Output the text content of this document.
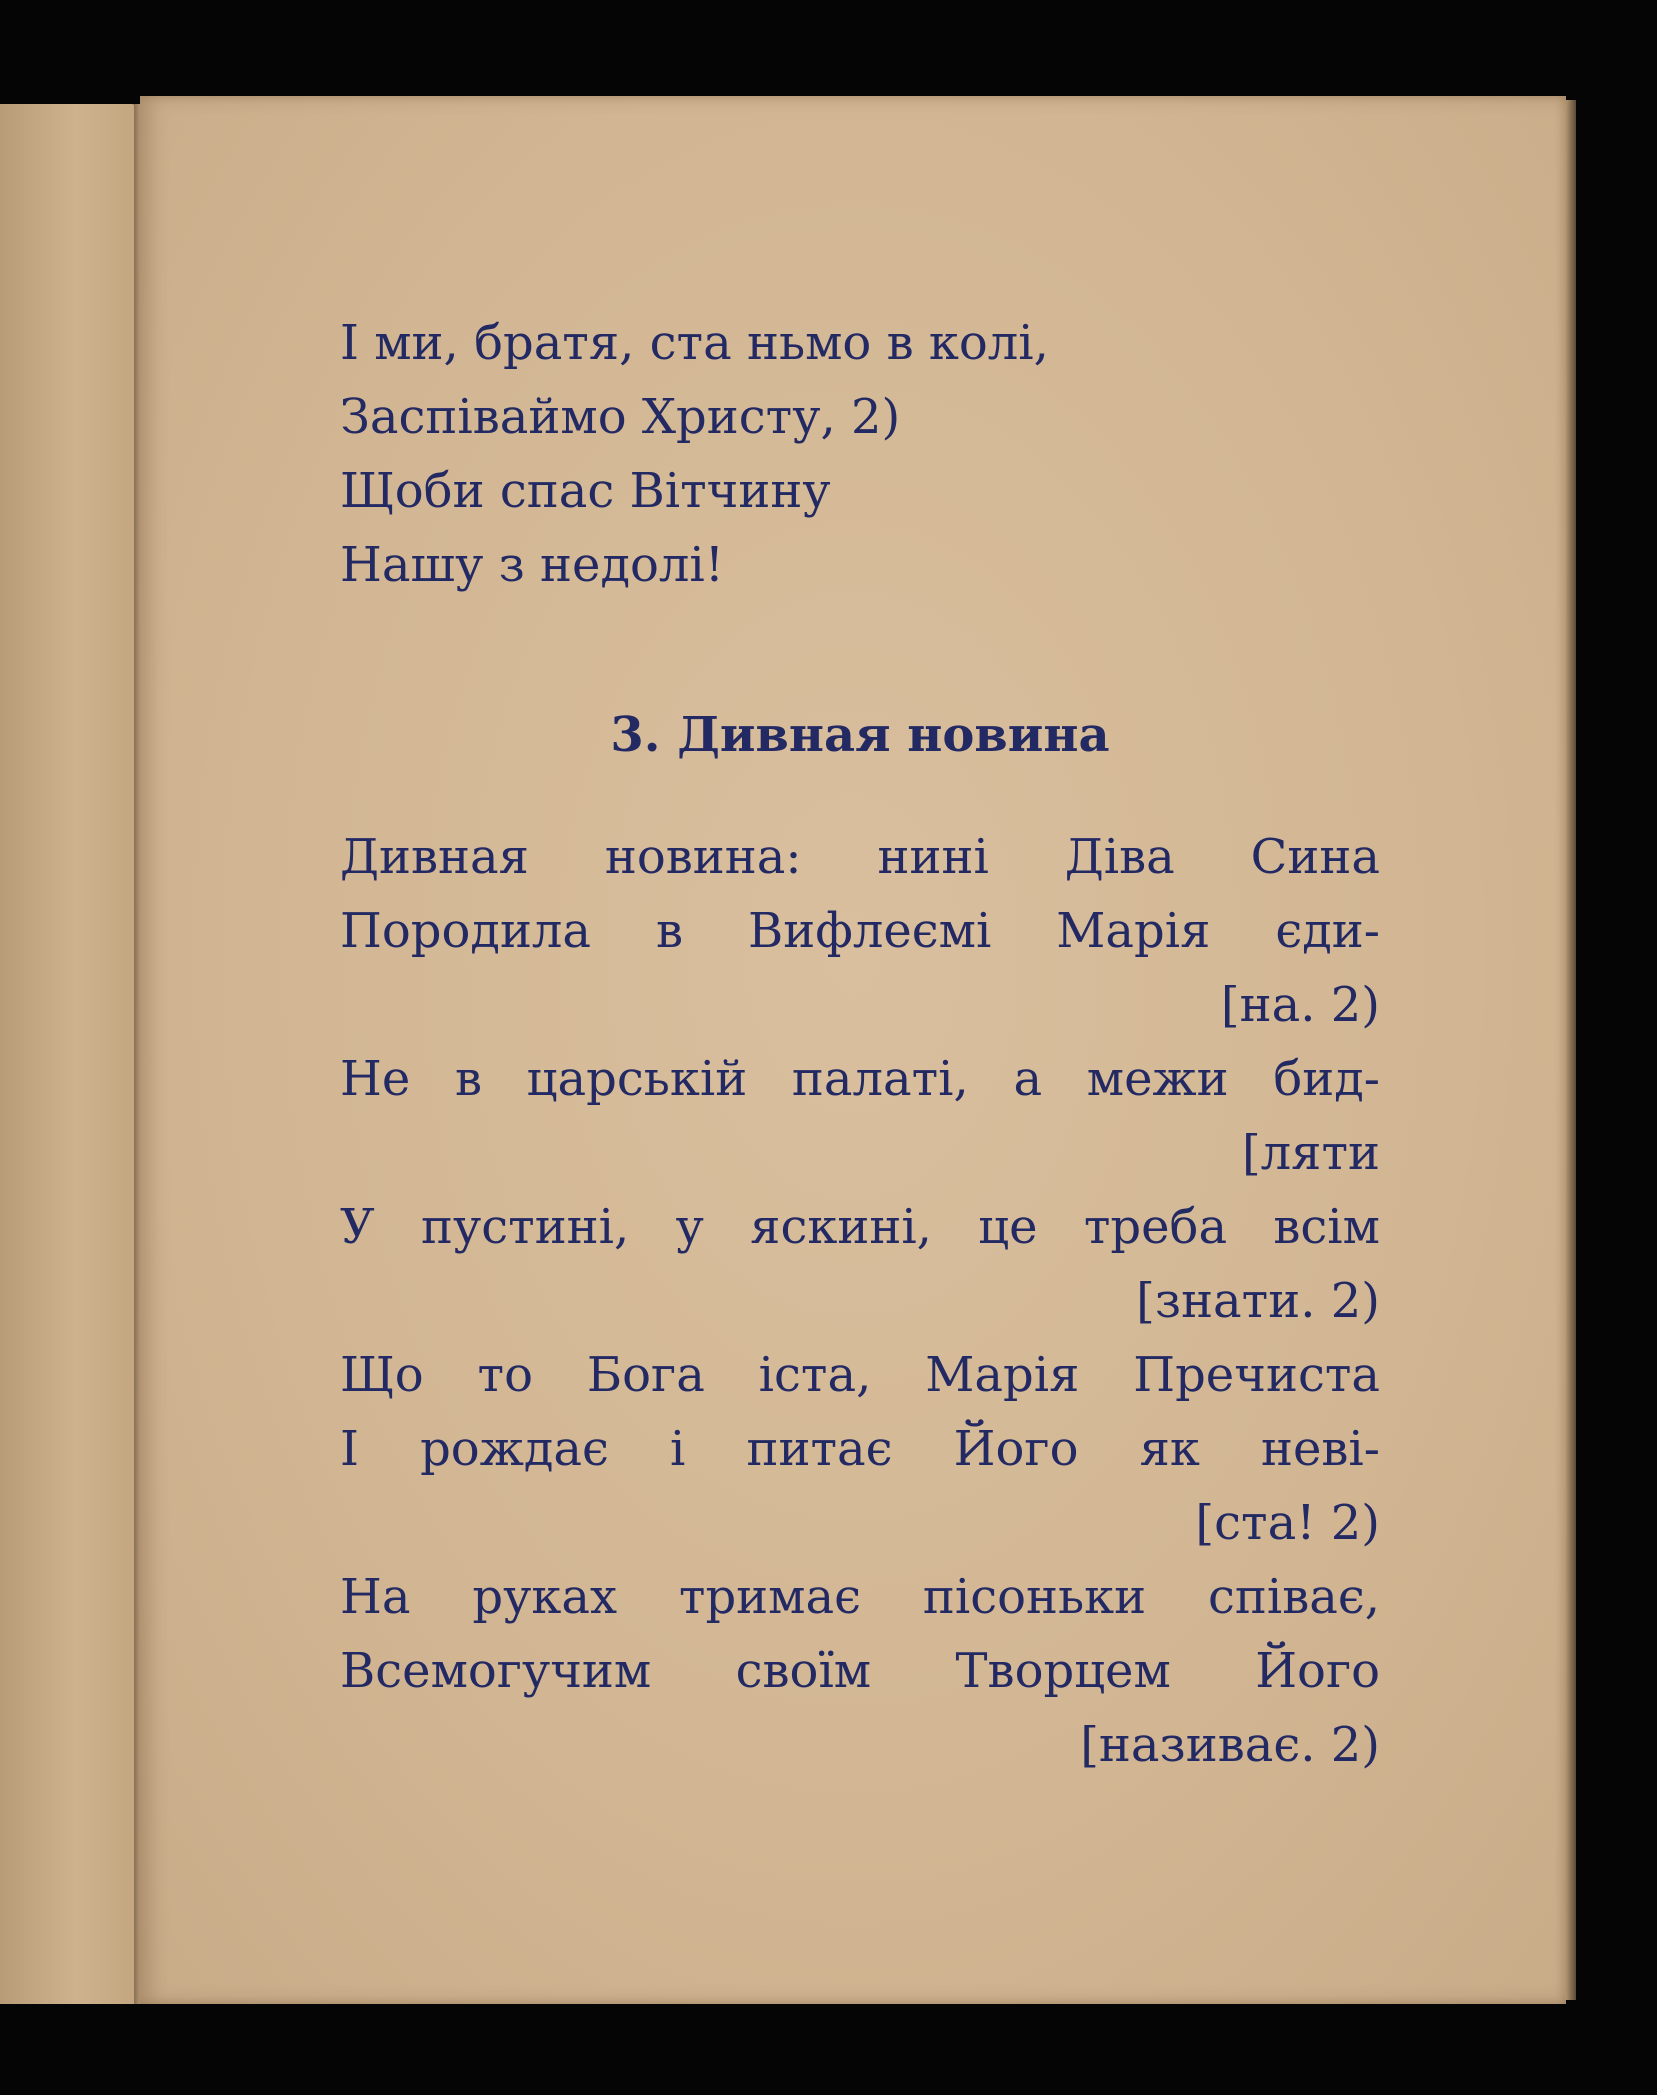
І ми, братя, ста ньмо в колі,
Заспіваймо Христу, 2)
Щоби спас Вітчину
Нашу з недолі!
3. Дивная новина
Дивная новина: нині Діва Сина
Породила в Вифлеємі Марія єди-
[на. 2)
Не в царській палаті, а межи бид-
[ляти
У пустині, у яскині, це треба всім
[знати. 2)
Що то Бога іста, Марія Пречиста
І рождає і питає Його як неві-
[ста! 2)
На руках тримає пісоньки співає,
Всемогучим своїм Творцем Його
[називає. 2)
